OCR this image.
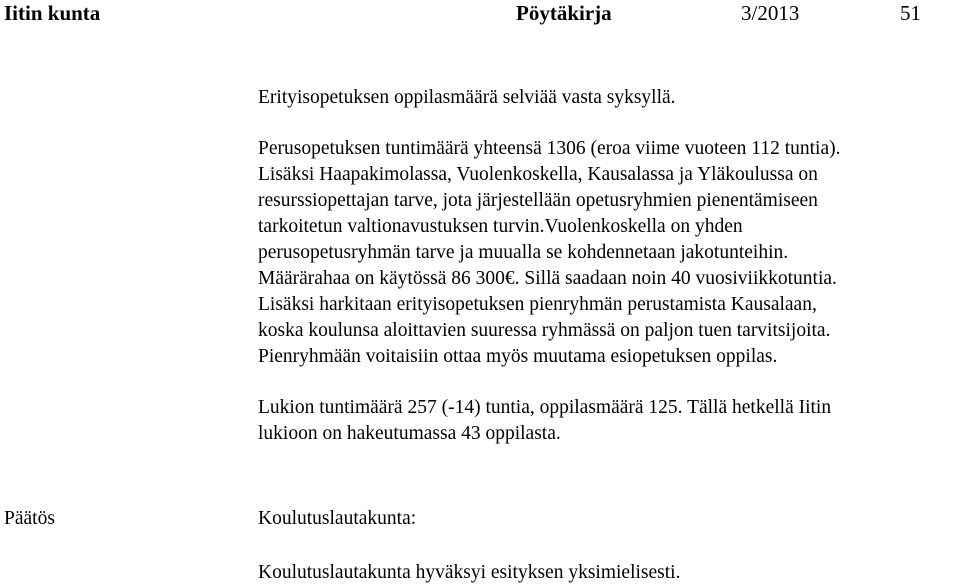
Iitin kunta	Pöytäkirja	3/2013	51

Erityisopetuksen oppilasmäärä selviää vasta syksyllä.

Perusopetuksen tuntimäärä yhteensä 1306 (eroa viime vuoteen 112 tuntia).
Lisäksi Haapakimolassa, Vuolenkoskella, Kausalassa ja Yläkoulussa on
resurssiopettajan tarve, jota järjestellään opetusryhmien pienentämiseen
tarkoitetun valtionavustuksen turvin.Vuolenkoskella on yhden
perusopetusryhmän tarve ja muualla se kohdennetaan jakotunteihin.
Määrärahaa on käytössä 86 300€. Sillä saadaan noin 40 vuosiviikkotuntia.
Lisäksi harkitaan erityisopetuksen pienryhmän perustamista Kausalaan,
koska koulunsa aloittavien suuressa ryhmässä on paljon tuen tarvitsijoita.
Pienryhmään voitaisiin ottaa myös muutama esiopetuksen oppilas.

Lukion tuntimäärä 257 (-14) tuntia, oppilasmäärä 125. Tällä hetkellä Iitin
lukioon on hakeutumassa 43 oppilasta.

Päätös	Koulutuslautakunta:
Koulutuslautakunta hyväksyi esityksen yksimielisesti.
